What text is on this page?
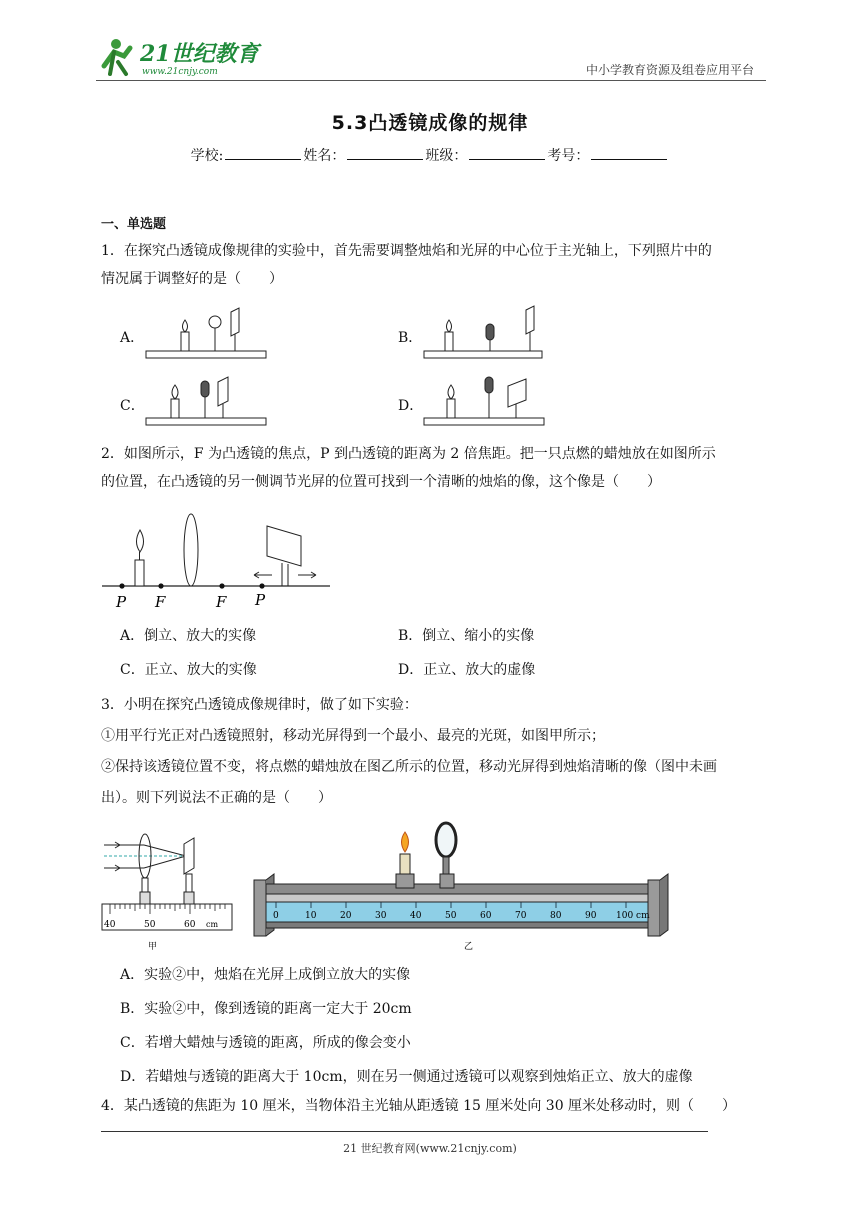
21世纪教育
www.21cnjy.com	中小学教育资源及组卷应用平台
5.3凸透镜成像的规律
学校:	姓名：	班级：	考号：
一、单选题
1．在探究凸透镜成像规律的实验中，首先需要调整烛焰和光屏的中心位于主光轴上，下列照片中的
情况属于调整好的是（　　）
A．	B．
C．	D．
2．如图所示，F 为凸透镜的焦点，P 到凸透镜的距离为 2 倍焦距。把一只点燃的蜡烛放在如图所示
的位置，在凸透镜的另一侧调节光屏的位置可找到一个清晰的烛焰的像，这个像是（　　）
P F	F P
A．倒立、放大的实像	B．倒立、缩小的实像
C．正立、放大的实像	D．正立、放大的虚像
3．小明在探究凸透镜成像规律时，做了如下实验：
①用平行光正对凸透镜照射，移动光屏得到一个最小、最亮的光斑，如图甲所示；
②保持该透镜位置不变，将点燃的蜡烛放在图乙所示的位置，移动光屏得到烛焰清晰的像（图中未画
出）。则下列说法不正确的是（　　）
40	50	60 cm
甲
0	10	20	30	40	50	60	70	80	90 100 cm
乙
A．实验②中，烛焰在光屏上成倒立放大的实像
B．实验②中，像到透镜的距离一定大于 20cm
C．若增大蜡烛与透镜的距离，所成的像会变小
D．若蜡烛与透镜的距离大于 10cm，则在另一侧通过透镜可以观察到烛焰正立、放大的虚像
4．某凸透镜的焦距为 10 厘米，当物体沿主光轴从距透镜 15 厘米处向 30 厘米处移动时，则（　　）
21 世纪教育网(www.21cnjy.com)
